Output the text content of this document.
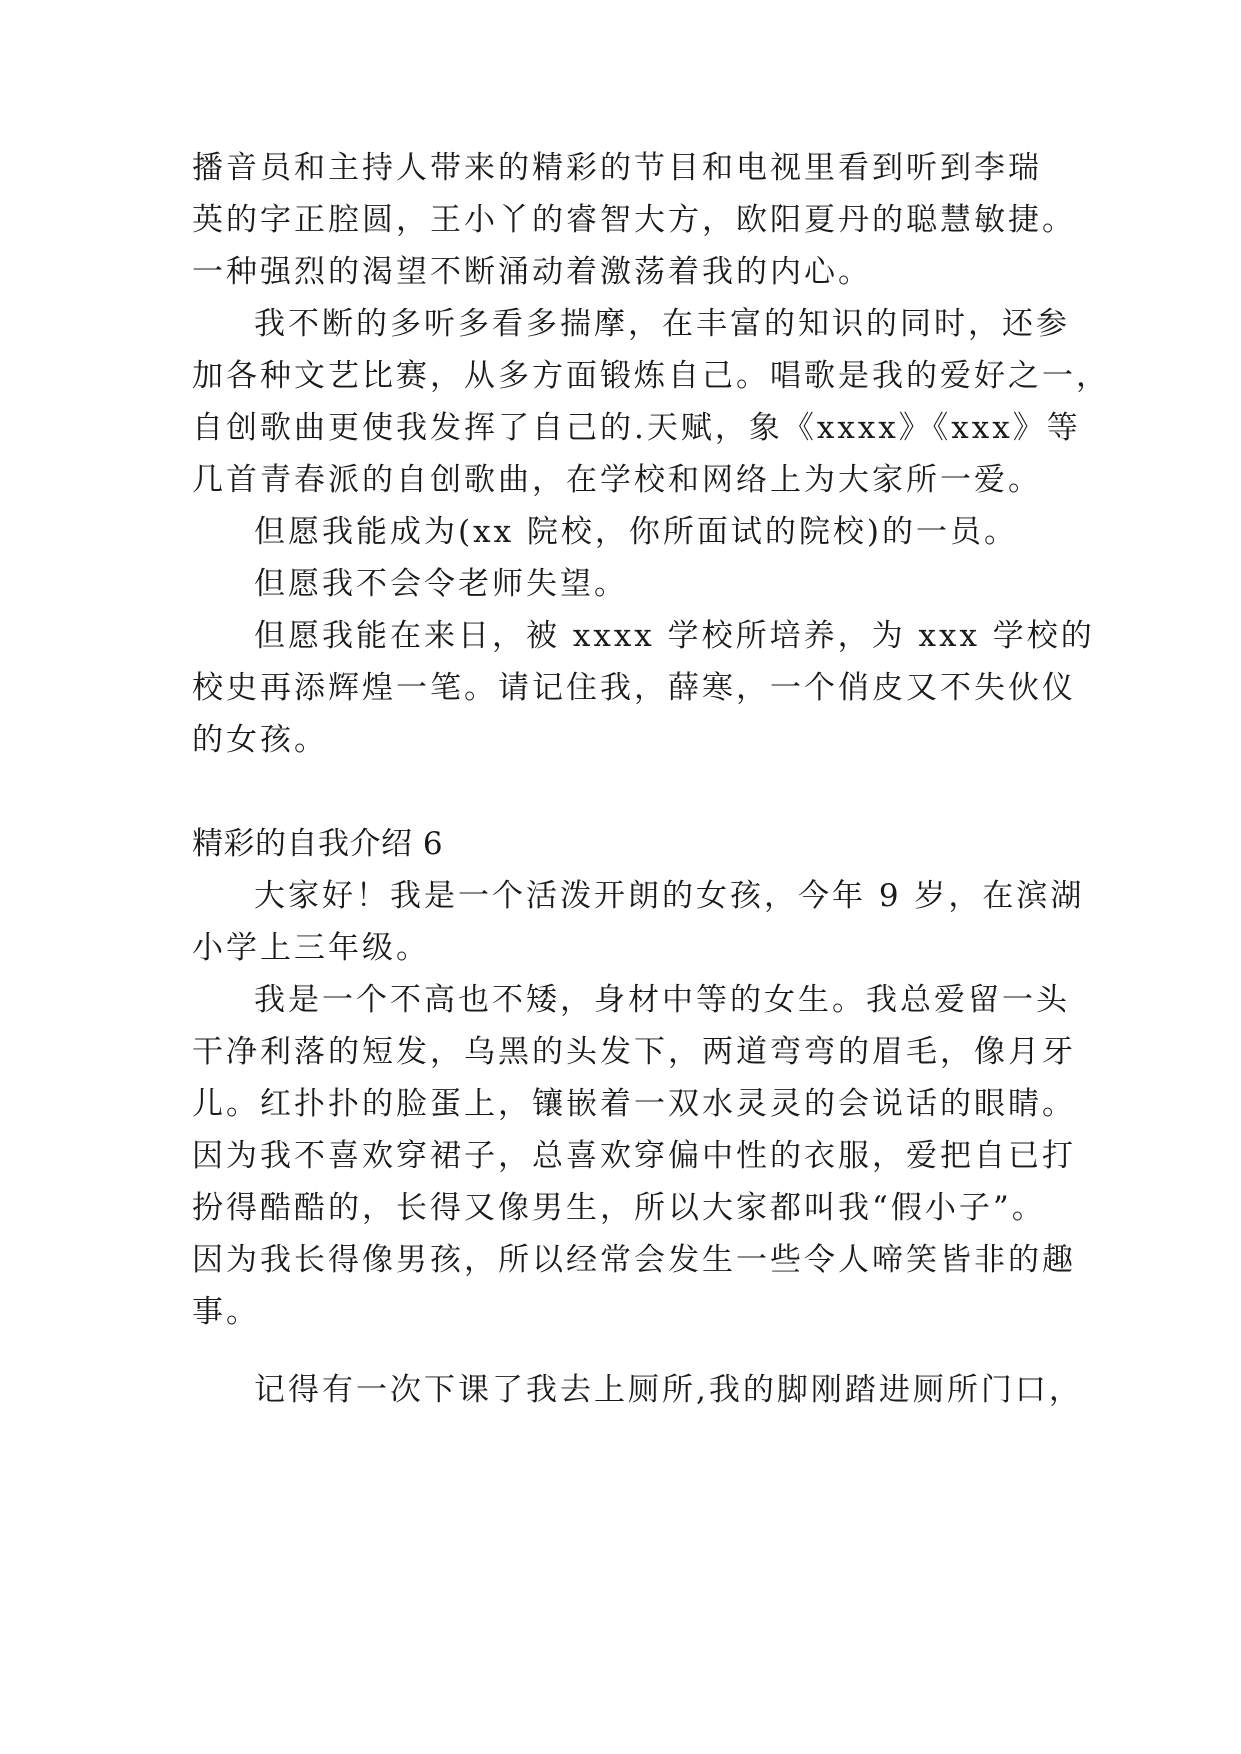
播音员和主持人带来的精彩的节目和电视里看到听到李瑞
英的字正腔圆，王小丫的睿智大方，欧阳夏丹的聪慧敏捷。
一种强烈的渴望不断涌动着激荡着我的内心。
我不断的多听多看多揣摩，在丰富的知识的同时，还参
加各种文艺比赛，从多方面锻炼自己。唱歌是我的爱好之一，
自创歌曲更使我发挥了自己的.天赋，象《xxxx》《xxx》等
几首青春派的自创歌曲，在学校和网络上为大家所一爱。
但愿我能成为(xx 院校，你所面试的院校)的一员。
但愿我不会令老师失望。
但愿我能在来日，被 xxxx 学校所培养，为 xxx 学校的
校史再添辉煌一笔。请记住我，薛寒，一个俏皮又不失伙仪
的女孩。
精彩的自我介绍 6
大家好！我是一个活泼开朗的女孩，今年 9 岁，在滨湖
小学上三年级。
我是一个不高也不矮，身材中等的女生。我总爱留一头
干净利落的短发，乌黑的头发下，两道弯弯的眉毛，像月牙
儿。红扑扑的脸蛋上，镶嵌着一双水灵灵的会说话的眼睛。
因为我不喜欢穿裙子，总喜欢穿偏中性的衣服，爱把自已打
扮得酷酷的，长得又像男生，所以大家都叫我“假小子”。
因为我长得像男孩，所以经常会发生一些令人啼笑皆非的趣
事。
记得有一次下课了我去上厕所,我的脚刚踏进厕所门口，
